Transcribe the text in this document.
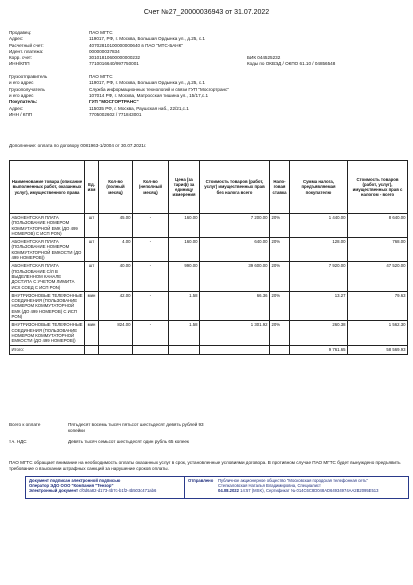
Счет №27_20000036943 от 31.07.2022
Продавец:	ПАО МГТС
Адрес:	119017, РФ, г. Москва, Большая Ордынка ул., д.25, с.1
Расчетный счет:	40702810100000000640 в ПАО "МТС-БАНК"
Идент. платежа:	000000037834
Корр. счет:	30101810600000000232	БИК 044525232
ИНН/КПП	7710016640/997750001	Коды по ОКВЭД / ОКПО 61.10 / 04856548
Грузоотправитель	ПАО МГТС
и его адрес	119017, РФ, г. Москва, Большая Ордынка ул., д.25, с.1
Грузополучатель	Служба информационных технологий и связи ГУП "Мосгортранс"
и его адрес	107014 РФ, г. Москва, Матросская тишина ул., 15/17,с.1
Покупатель:	ГУП "МОСГОРТРАНС"
Адрес:	115035 РФ, г. Москва, Раушская наб., 22/21,с.1
ИНН / КПП	7705002602 / 771843001
Дополнение: оплата по договору 0081963-1/2004 от 30.07.2021г.
Наименование товара (описание выполненных работ, оказанных услуг), имущественного права	Ед. изм	Кол-во (полный месяц)	Кол-во (неполный месяц)	Цена (за тариф) за единицу измерения	Стоимость товаров (работ, услуг) имущественных прав без налога всего	Нало-говая ставка	Сумма налога, предъявляемая покупателю	Стоимость товаров (работ, услуг), имущественных прав с налогом - всего
АБОНЕНТСКАЯ ПЛАТА (ПОЛЬЗОВАНИЕ НОМЕРОМ КОММУТАТОРНОЙ ЕМК (ДО 499 НОМЕРОВ) С ИСП PON)	шт	45.00	-	160.00	7 200.00	20%	1 440.00	8 640.00
АБОНЕНТСКАЯ ПЛАТА (ПОЛЬЗОВАНИЕ НОМЕРОМ КОММУТАТОРНОЙ ЕМКОСТИ (ДО 499 НОМЕРОВ))	шт	4.00	-	160.00	640.00	20%	128.00	768.00
АБОНЕНТСКАЯ ПЛАТА (ПОЛЬЗОВАНИЕ С/Л В ВЫДЕЛЕННОМ КАНАЛЕ ДОСТУПА С УЧЕТОМ ЛИМИТА ИСХ СОЕД С ИСП PON)	шт	40.00	-	990.00	39 600.00	20%	7 920.00	47 520.00
ВНУТРИЗОНОВЫЕ ТЕЛЕФОННЫЕ СОЕДИНЕНИЯ (ПОЛЬЗОВАНИЕ НОМЕРОМ КОММУТАТОРНОЙ ЕМК (ДО 499 НОМЕРОВ) С ИСП PON)	мин	42.00	-	1.58	66.36	20%	13.27	79.63
ВНУТРИЗОНОВЫЕ ТЕЛЕФОННЫЕ СОЕДИНЕНИЯ (ПОЛЬЗОВАНИЕ НОМЕРОМ КОММУТАТОРНОЙ ЕМКОСТИ (ДО 499 НОМЕРОВ))	мин	824.00	-	1.58	1 301.92	20%	260.38	1 562.30
Итого:							9 761.65	58 569.93
Всего к оплате	Пятьдесят восемь тысяч пятьсот шестьдесят девять рублей 93 копейки
т.ч. НДС	Девять тысяч семьсот шестьдесят один рубль 65 копеек
ПАО МГТС обращает внимание на необходимость оплаты оказанных услуг в срок, установленные условиями договора. В противном случае ПАО МГТС будет вынуждено предъявить требование о взыскании штрафных санкций за нарушение сроков оплаты.
Документ подписан электронной подписью
Оператор ЭДО ООО "Компания "Тензор"
Электронный документ cf0d6a82-d173-4b7c-b1f2-4b503c471ab6
Отправлено	Публичное акционерное общество "Московская городская телефонная сеть"
Степкаловская Наталья Владимировна, Специалист
04.08.2022 14:57 (MSK), Сертификат № 014C6C8D048AD64934974AA2B2095E513
